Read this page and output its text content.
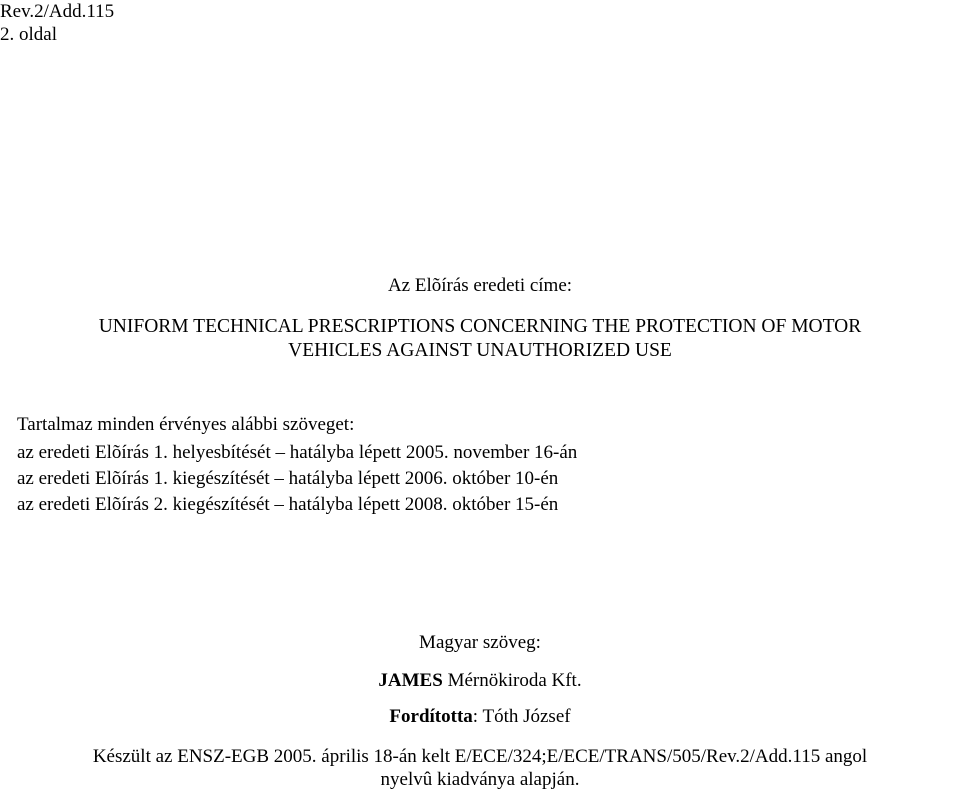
Rev.2/Add.115
2. oldal
Az Elõírás eredeti címe:
UNIFORM TECHNICAL PRESCRIPTIONS CONCERNING THE PROTECTION OF MOTOR
VEHICLES AGAINST UNAUTHORIZED USE
Tartalmaz minden érvényes alábbi szöveget:
az eredeti Elõírás 1. helyesbítését – hatályba lépett 2005. november 16-án
az eredeti Elõírás 1. kiegészítését – hatályba lépett 2006. október 10-én
az eredeti Elõírás 2. kiegészítését – hatályba lépett 2008. október 15-én
Magyar szöveg:
JAMES Mérnökiroda Kft.
Fordította: Tóth József
Készült az ENSZ-EGB 2005. április 18-án kelt E/ECE/324;E/ECE/TRANS/505/Rev.2/Add.115 angol
nyelvû kiadványa alapján.
